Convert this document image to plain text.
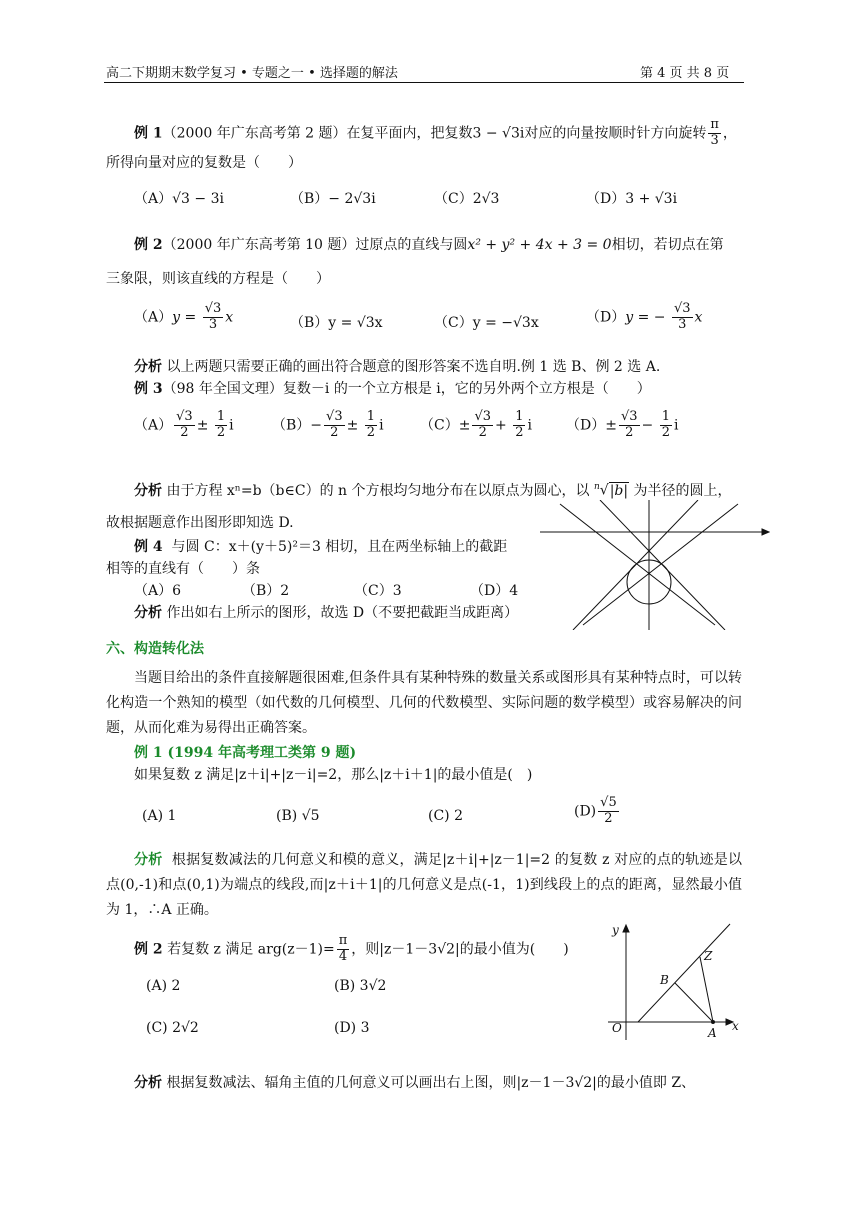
高二下期期末数学复习 • 专题之一 • 选择题的解法	第 4 页 共 8 页
例 1（2000 年广东高考第 2 题）在复平面内，把复数3 − √3i对应的向量按顺时针方向旋转 $\frac{\pi}{3}$ ，
所得向量对应的复数是（　　）
（A）√3 − 3i	（B）− 2√3i	（C）2√3	（D）3 + √3i
例 2（2000 年广东高考第 10 题）过原点的直线与圆x² + y² + 4x + 3 = 0相切，若切点在第
三象限，则该直线的方程是（　　）
$(A)y = \frac{√3}{3}$ x	（B）y = √3x	（C）y = −√3x	（D）y = − $\frac{√3}{3}$ x
分析 以上两题只需要正确的画出符合题意的图形答案不选自明.例 1 选 B、例 2 选 A.
例 3（98 年全国文理）复数－i 的一个立方根是 i，它的另外两个立方根是（　　）
$(A) \frac{√3}{2} \pm \frac{1}{2}$ i	$(B)- \frac{√3}{2} \pm \frac{1}{2}$ i	$(C)\pm \frac{√3}{2} + \frac{1}{2}$ i $(D)\pm \frac{√3}{2} - \frac{1}{2}$ i
分析 由于方程 xⁿ=b（b∈C）的 n 个方根均匀地分布在以原点为圆心，以 $^n$√|b| 为半径的圆上，
故根据题意作出图形即知选 D.
例 4 与圆 C：x＋(y＋5)²＝3 相切，且在两坐标轴上的截距
相等的直线有（　　）条
（A）6	（B）2	（C）3	（D）4
分析 作出如右上所示的图形，故选 D（不要把截距当成距离）
六、构造转化法
当题目给出的条件直接解题很困难,但条件具有某种特殊的数量关系或图形具有某种特点时，可以转化构造一个熟知的模型（如代数的几何模型、几何的代数模型、实际问题的数学模型）或容易解决的问题，从而化难为易得出正确答案。
例 1 (1994 年高考理工类第 9 题)
如果复数 z 满足|z＋i|+|z－i|=2，那么|z＋i＋1|的最小值是(　)
(A) 1	(B) √5	(C) 2	$(D) \frac{√5}{2}$
分析 根据复数减法的几何意义和模的意义，满足|z＋i|+|z－1|=2 的复数 z 对应的点的轨迹是以点(0,-1)和点(0,1)为端点的线段,而|z＋i＋1|的几何意义是点(-1，1)到线段上的点的距离，显然最小值为 1，∴A 正确。
例 2 若复数 z 满足 $arg(z-1)= \frac{\pi}{4}$ ，则|z－1－3√2|的最小值为(　　)
(A) 2	(B) 3√2
(C) 2√2	(D) 3
y
x
O
Z
B
A
分析 根据复数减法、辐角主值的几何意义可以画出右上图，则|z－1－3√2|的最小值即 Z、
